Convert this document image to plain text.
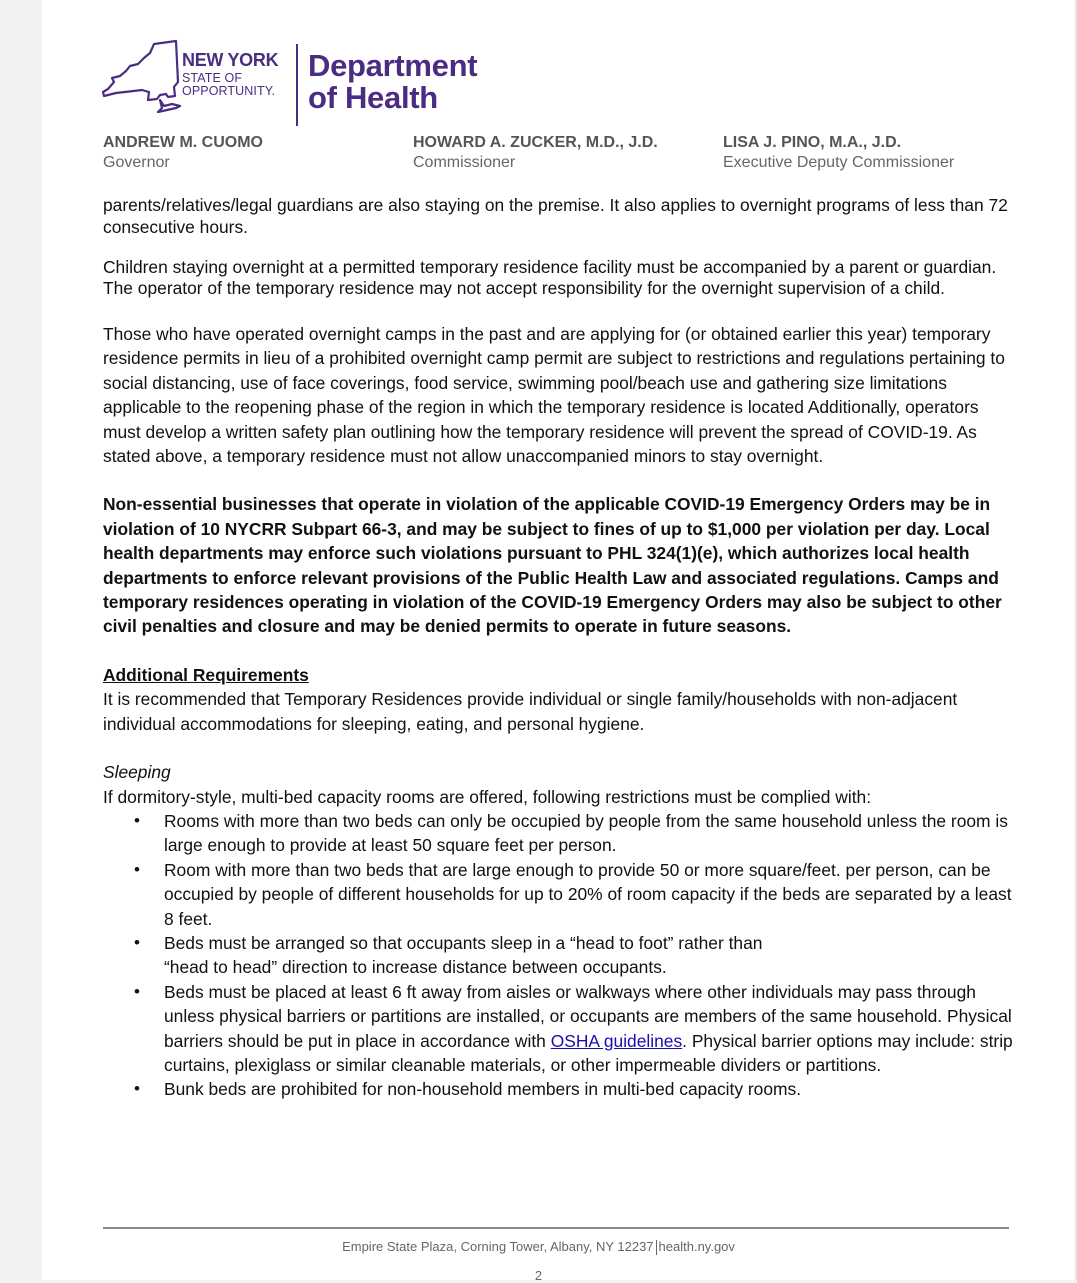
NEW YORK
STATE OF
OPPORTUNITY.
Department
of Health
ANDREW M. CUOMO
Governor
HOWARD A. ZUCKER, M.D., J.D.
Commissioner
LISA J. PINO, M.A., J.D.
Executive Deputy Commissioner

parents/relatives/legal guardians are also staying on the premise. It also applies to overnight programs of less than 72 consecutive hours.

Children staying overnight at a permitted temporary residence facility must be accompanied by a parent or guardian. The operator of the temporary residence may not accept responsibility for the overnight supervision of a child.

Those who have operated overnight camps in the past and are applying for (or obtained earlier this year) temporary residence permits in lieu of a prohibited overnight camp permit are subject to restrictions and regulations pertaining to social distancing, use of face coverings, food service, swimming pool/beach use and gathering size limitations applicable to the reopening phase of the region in which the temporary residence is located Additionally, operators must develop a written safety plan outlining how the temporary residence will prevent the spread of COVID-19. As stated above, a temporary residence must not allow unaccompanied minors to stay overnight.

Non-essential businesses that operate in violation of the applicable COVID-19 Emergency Orders may be in violation of 10 NYCRR Subpart 66-3, and may be subject to fines of up to $1,000 per violation per day. Local health departments may enforce such violations pursuant to PHL 324(1)(e), which authorizes local health departments to enforce relevant provisions of the Public Health Law and associated regulations. Camps and temporary residences operating in violation of the COVID-19 Emergency Orders may also be subject to other civil penalties and closure and may be denied permits to operate in future seasons.

Additional Requirements

It is recommended that Temporary Residences provide individual or single family/households with non-adjacent individual accommodations for sleeping, eating, and personal hygiene.

Sleeping

If dormitory-style, multi-bed capacity rooms are offered, following restrictions must be complied with:

• Rooms with more than two beds can only be occupied by people from the same household unless the room is large enough to provide at least 50 square feet per person.
• Room with more than two beds that are large enough to provide 50 or more square/feet. per person, can be occupied by people of different households for up to 20% of room capacity if the beds are separated by a least 8 feet.
• Beds must be arranged so that occupants sleep in a “head to foot” rather than
“head to head” direction to increase distance between occupants.
• Beds must be placed at least 6 ft away from aisles or walkways where other individuals may pass through unless physical barriers or partitions are installed, or occupants are members of the same household. Physical barriers should be put in place in accordance with OSHA guidelines. Physical barrier options may include: strip curtains, plexiglass or similar cleanable materials, or other impermeable dividers or partitions.
• Bunk beds are prohibited for non-household members in multi-bed capacity rooms.
Empire State Plaza, Corning Tower, Albany, NY 12237 health.ny.gov
2
